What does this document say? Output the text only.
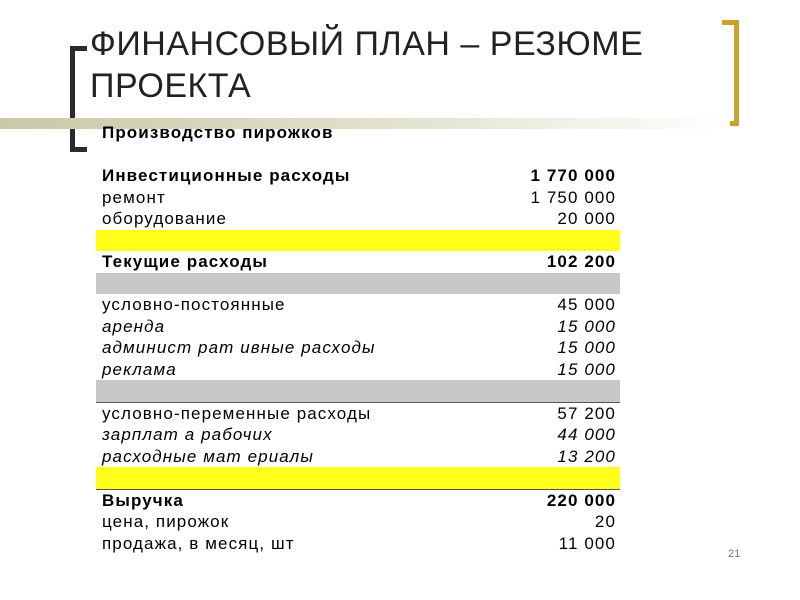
ФИНАНСОВЫЙ ПЛАН – РЕЗЮМЕ
ПРОЕКТА
Производство пирожков
Инвестиционные расходы	1 770 000
ремонт	1 750 000
оборудование	20 000
Текущие расходы	102 200
условно-постоянные	45 000
аренда	15 000
админист рат ивные расходы	15 000
реклама	15 000
условно-переменные расходы	57 200
зарплат а рабочих	44 000
расходные мат ериалы	13 200
Выручка	220 000
цена, пирожок	20
продажа, в месяц, шт	11 000
21
